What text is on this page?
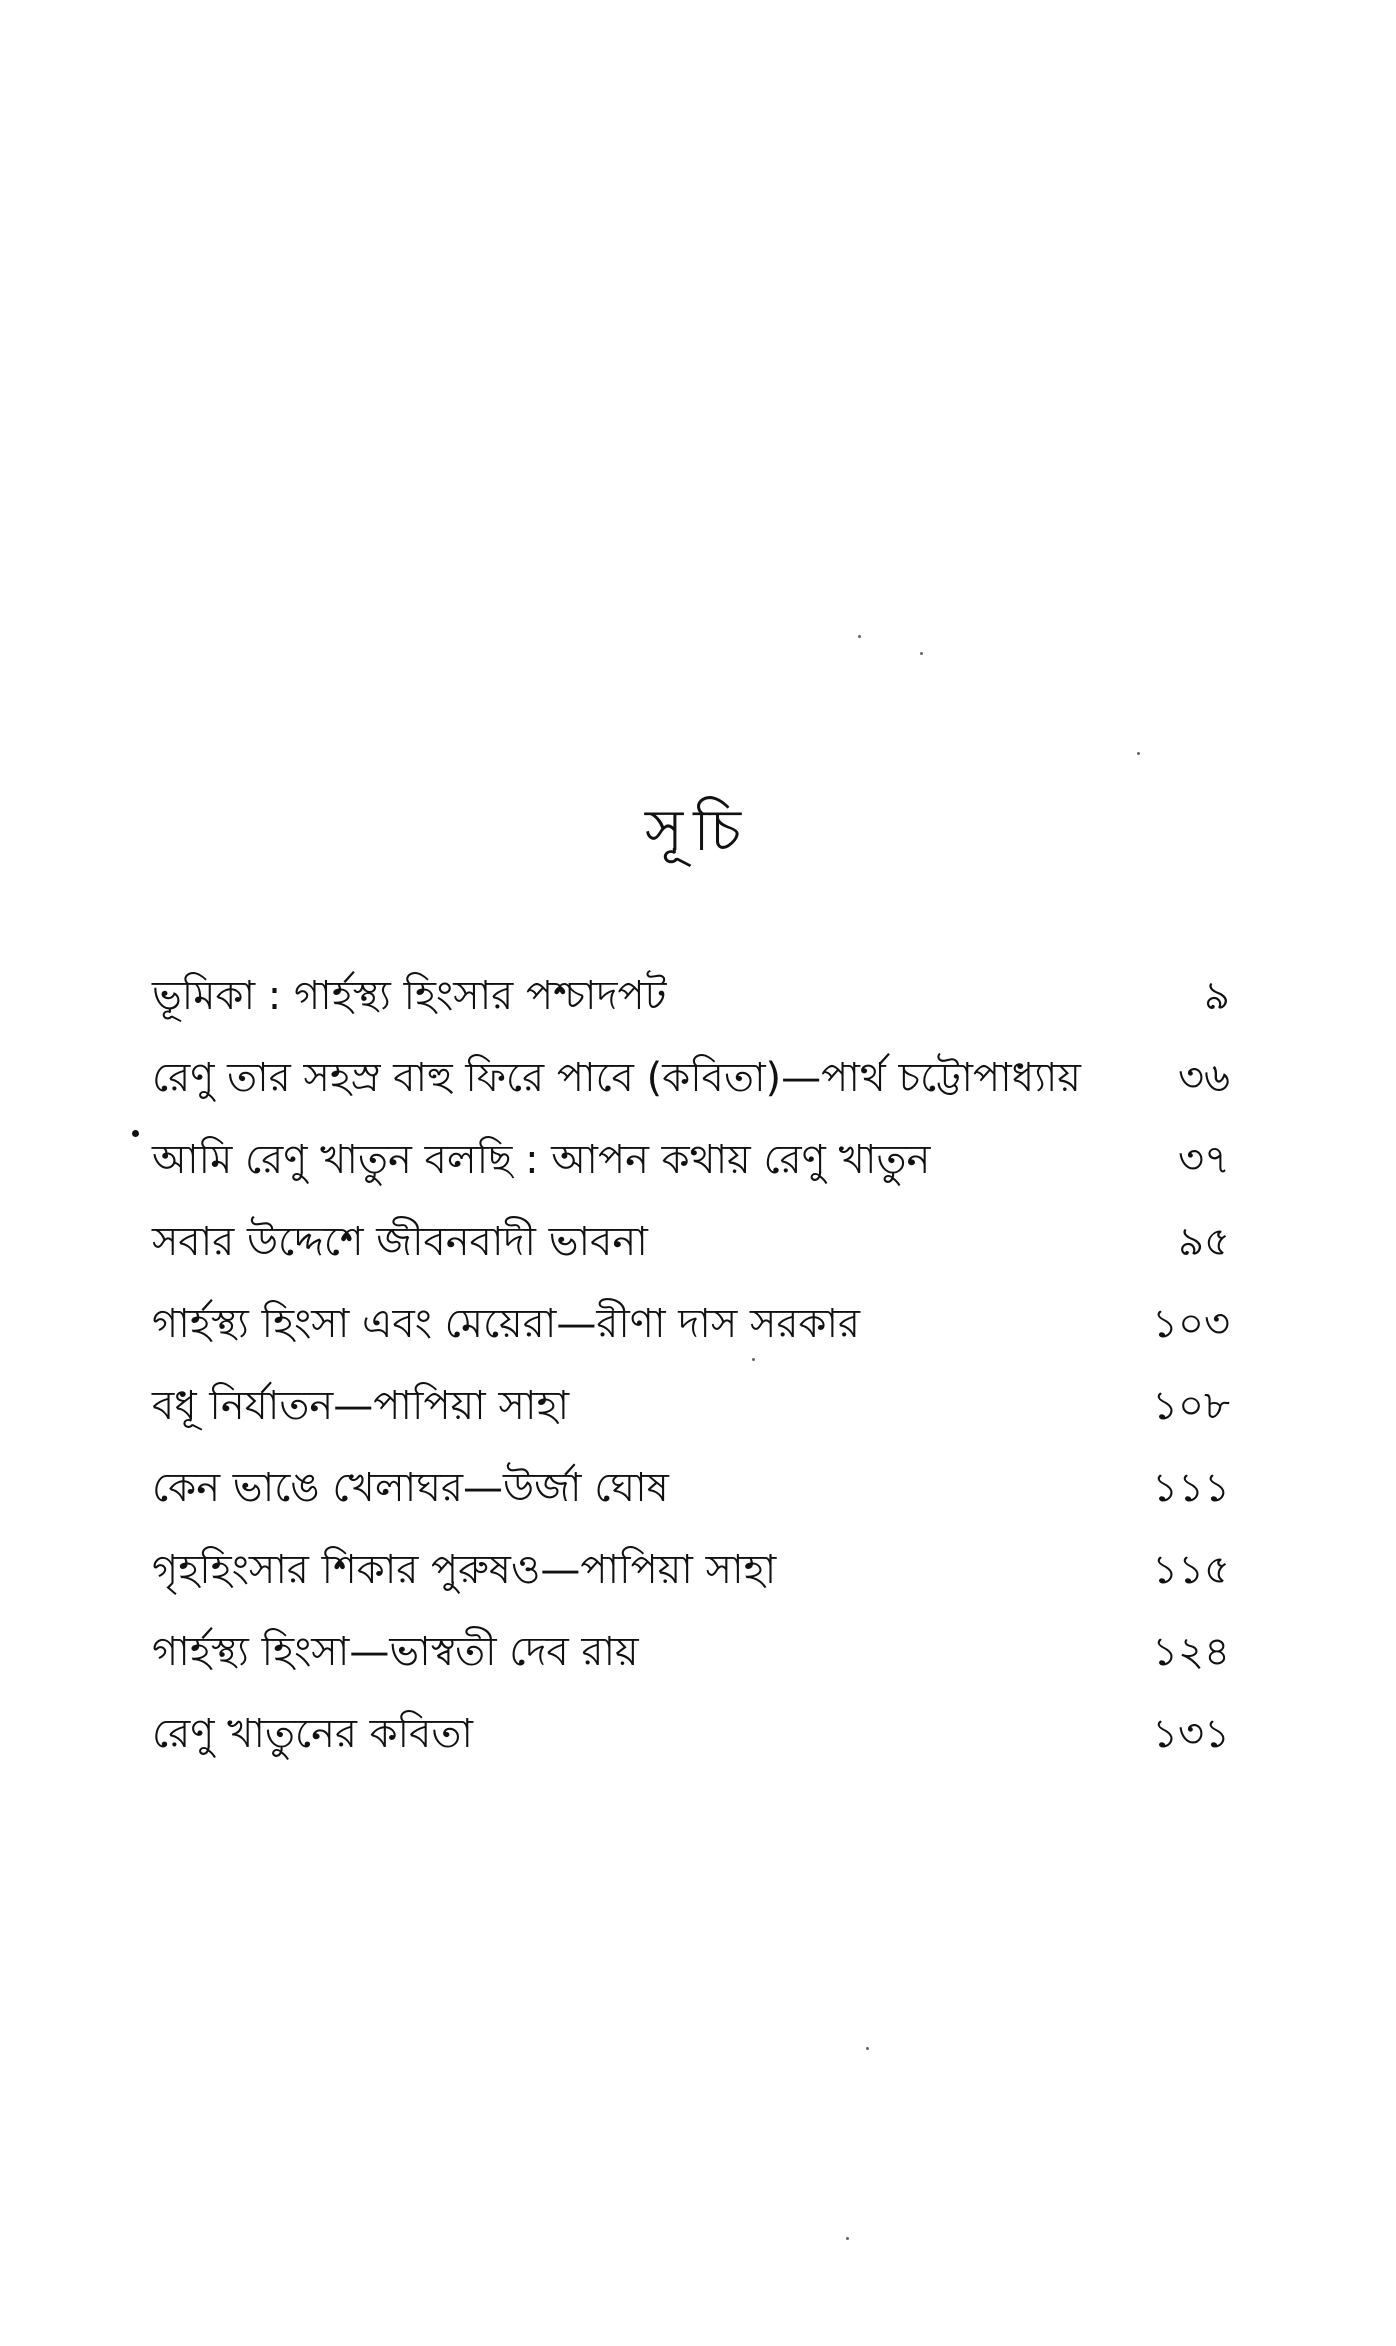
সূচি
ভূমিকা : গার্হস্থ্য হিংসার পশ্চাদপট	৯
রেণু তার সহস্র বাহু ফিরে পাবে (কবিতা)—পার্থ চট্টোপাধ্যায়	৩৬
আমি রেণু খাতুন বলছি : আপন কথায় রেণু খাতুন	৩৭
সবার উদ্দেশে জীবনবাদী ভাবনা	৯৫
গার্হস্থ্য হিংসা এবং মেয়েরা—রীণা দাস সরকার	১০৩
বধূ নির্যাতন—পাপিয়া সাহা	১০৮
কেন ভাঙে খেলাঘর—উর্জা ঘোষ	১১১
গৃহহিংসার শিকার পুরুষও—পাপিয়া সাহা	১১৫
গার্হস্থ্য হিংসা—ভাস্বতী দেব রায়	১২৪
রেণু খাতুনের কবিতা	১৩১
